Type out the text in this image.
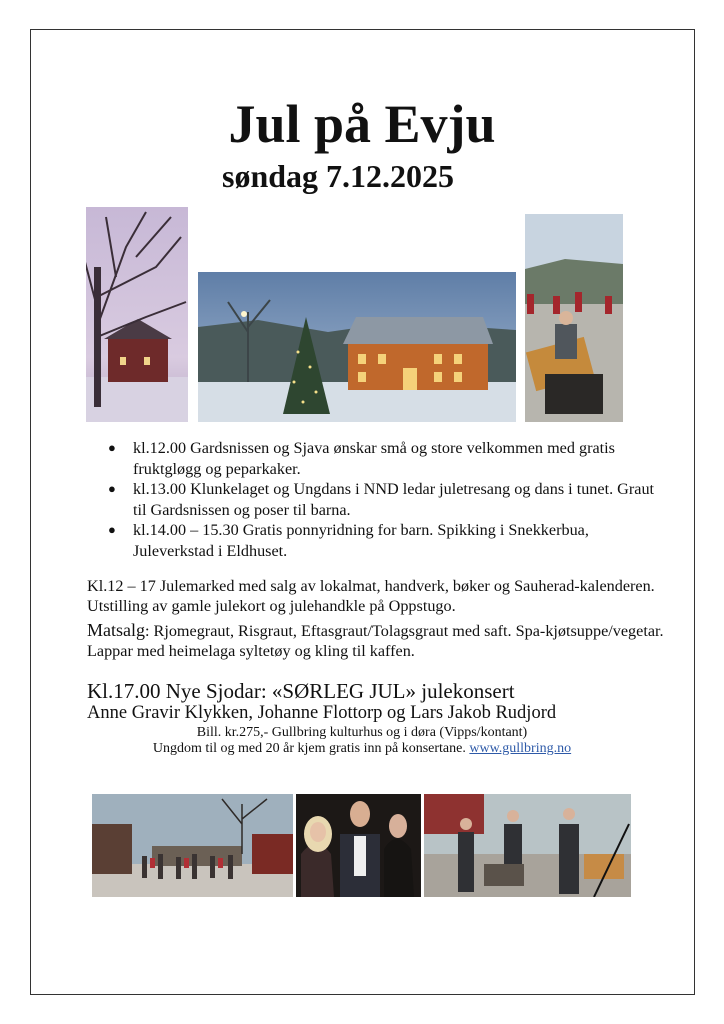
Jul på Evju
søndag 7.12.2025
● kl.12.00 Gardsnissen og Sjava ønskar små og store velkommen med gratis fruktgløgg og peparkaker.
● kl.13.00 Klunkelaget og Ungdans i NND ledar juletresang og dans i tunet. Graut til Gardsnissen og poser til barna.
● kl.14.00 – 15.30 Gratis ponnyridning for barn. Spikking i Snekkerbua, Juleverkstad i Eldhuset.

Kl.12 – 17 Julemarked med salg av lokalmat, handverk, bøker og Sauherad-kalenderen. Utstilling av gamle julekort og julehandkle på Oppstugo.

Matsalg: Rjomegraut, Risgraut, Eftasgraut/Tolagsgraut med saft. Spa-kjøtsuppe/vegetar. Lappar med heimelaga syltetøy og kling til kaffen.

Kl.17.00 Nye Sjodar: «SØRLEG JUL» julekonsert
Anne Gravir Klykken, Johanne Flottorp og Lars Jakob Rudjord
Bill. kr.275,- Gullbring kulturhus og i døra (Vipps/kontant)
Ungdom til og med 20 år kjem gratis inn på konsertane. www.gullbring.no
